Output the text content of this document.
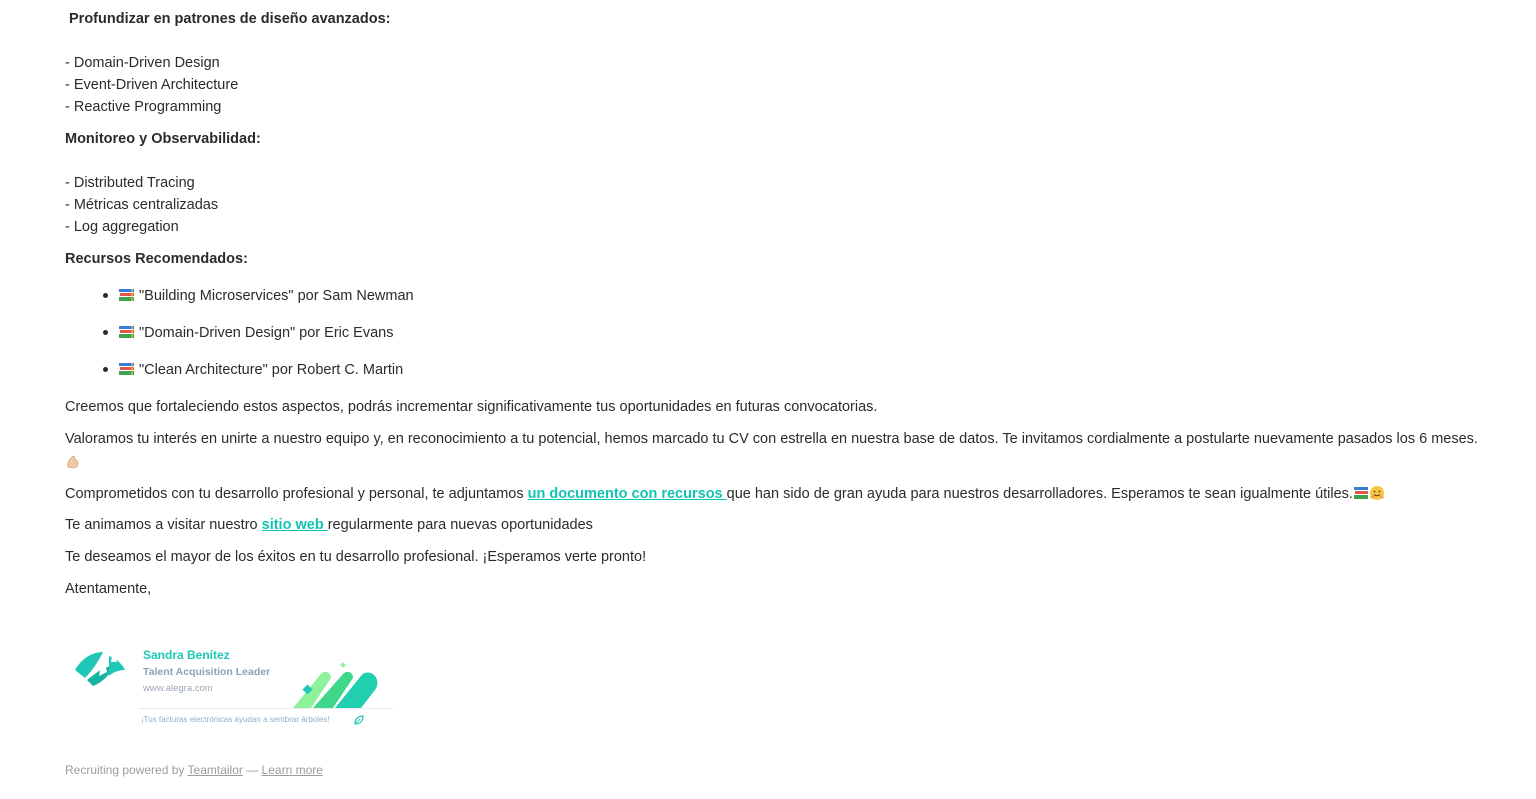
Profundizar en patrones de diseño avanzados:
- Domain-Driven Design
- Event-Driven Architecture
- Reactive Programming
Monitoreo y Observabilidad:
- Distributed Tracing
- Métricas centralizadas
- Log aggregation
Recursos Recomendados:
"Building Microservices" por Sam Newman
"Domain-Driven Design" por Eric Evans
"Clean Architecture" por Robert C. Martin
Creemos que fortaleciendo estos aspectos, podrás incrementar significativamente tus oportunidades en futuras convocatorias.
Valoramos tu interés en unirte a nuestro equipo y, en reconocimiento a tu potencial, hemos marcado tu CV con estrella en nuestra base de datos. Te invitamos cordialmente a postularte nuevamente pasados los 6 meses.
Comprometidos con tu desarrollo profesional y personal, te adjuntamos un documento con recursos que han sido de gran ayuda para nuestros desarrolladores. Esperamos te sean igualmente útiles.
Te animamos a visitar nuestro sitio web regularmente para nuevas oportunidades
Te deseamos el mayor de los éxitos en tu desarrollo profesional. ¡Esperamos verte pronto!
Atentamente,
Sandra Benítez
Talent Acquisition Leader
www.alegra.com
¡Tus facturas electrónicas ayudan a sembrar árboles!
Recruiting powered by Teamtailor — Learn more
